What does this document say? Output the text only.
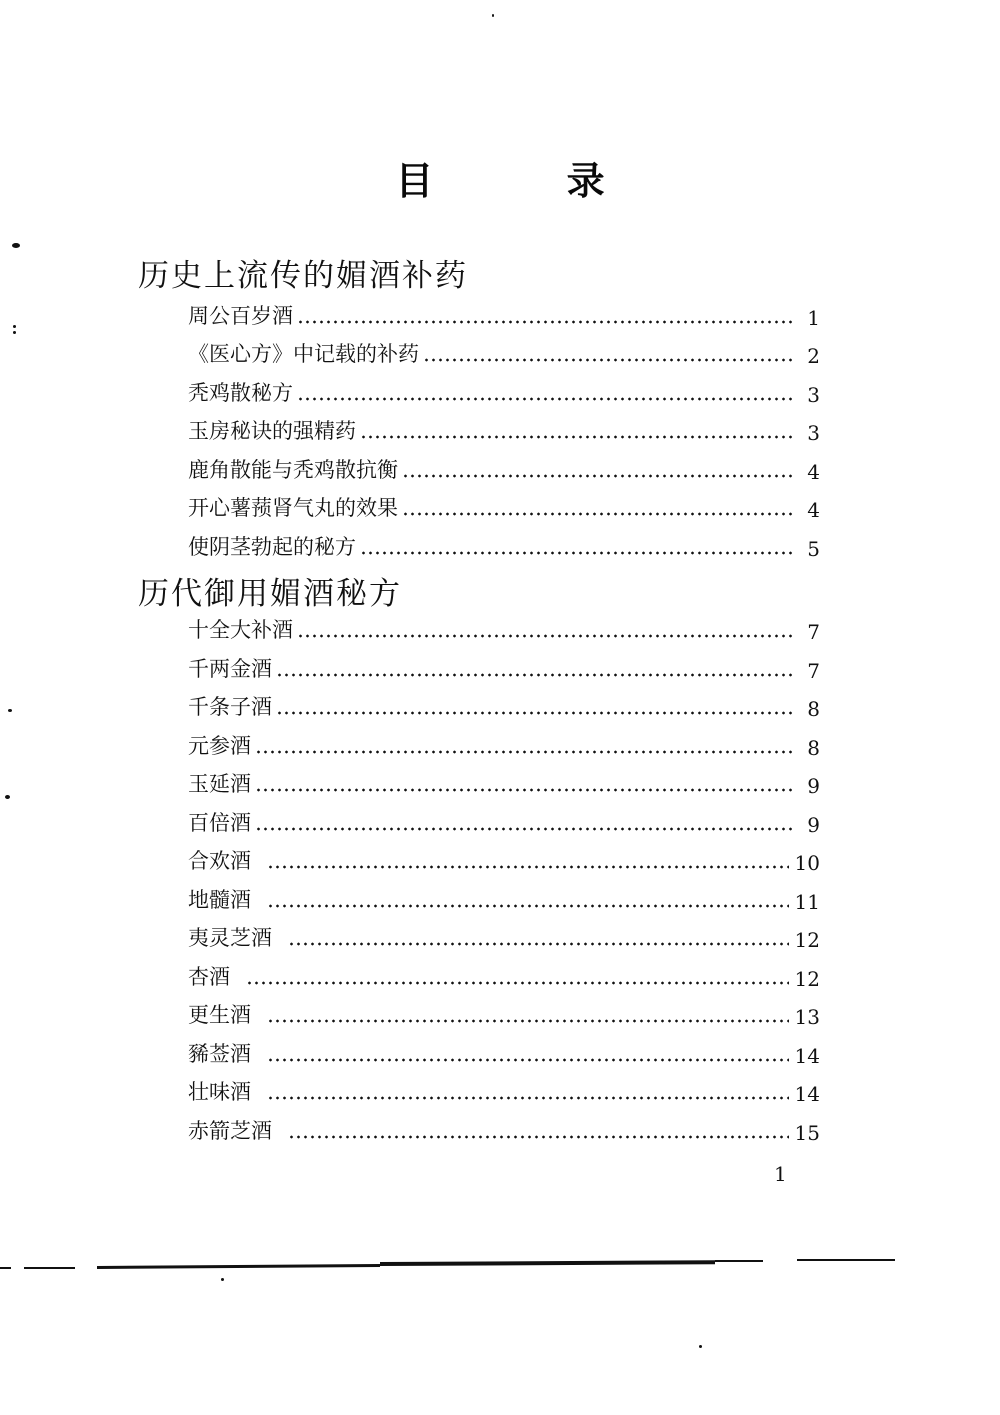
目 录
历史上流传的媚酒补药
周公百岁酒	1
《医心方》中记载的补药	2
秃鸡散秘方	3
玉房秘诀的强精药	3
鹿角散能与秃鸡散抗衡	4
开心薯蓣肾气丸的效果	4
使阴茎勃起的秘方	5
历代御用媚酒秘方
十全大补酒	7
千两金酒	7
千条子酒	8
元参酒	8
玉延酒	9
百倍酒	9
合欢酒	10
地髓酒	11
夷灵芝酒	12
杏酒	12
更生酒	13
豨莶酒	14
壮味酒	14
赤箭芝酒	15
1
